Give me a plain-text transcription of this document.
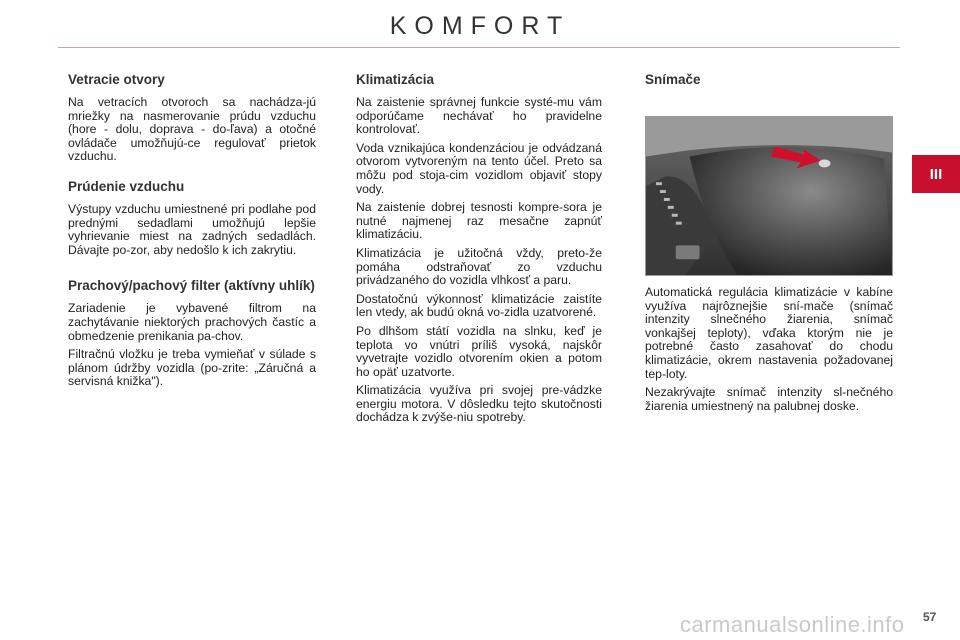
KOMFORT
III
Vetracie otvory

Na vetracích otvoroch sa nachádza-jú mriežky na nasmerovanie prúdu vzduchu (hore - dolu, doprava - do-ľava) a otočné ovládače umožňujú-ce regulovať prietok vzduchu.

Prúdenie vzduchu

Výstupy vzduchu umiestnené pri podlahe pod prednými sedadlami umožňujú lepšie vyhrievanie miest na zadných sedadlách. Dávajte po-zor, aby nedošlo k ich zakrytiu.

Prachový/pachový filter (aktívny uhlík)

Zariadenie je vybavené filtrom na zachytávanie niektorých prachových častíc a obmedzenie prenikania pa-chov.

Filtračnú vložku je treba vymieňať v súlade s plánom údržby vozidla (po-zrite: „Záručná a servisná knižka").

Klimatizácia

Na zaistenie správnej funkcie systé-mu vám odporúčame nechávať ho pravidelne kontrolovať.

Voda vznikajúca kondenzáciou je odvádzaná otvorom vytvoreným na tento účel. Preto sa môžu pod stoja-cim vozidlom objaviť stopy vody.

Na zaistenie dobrej tesnosti kompre-sora je nutné najmenej raz mesačne zapnúť klimatizáciu.

Klimatizácia je užitočná vždy, preto-že pomáha odstraňovať zo vzduchu privádzaného do vozidla vlhkosť a paru.

Dostatočnú výkonnosť klimatizácie zaistíte len vtedy, ak budú okná vo-zidla uzatvorené.

Po dlhšom státí vozidla na slnku, keď je teplota vo vnútri príliš vysoká, najskôr vyvetrajte vozidlo otvorením okien a potom ho opäť uzatvorte.

Klimatizácia využíva pri svojej pre-vádzke energiu motora. V dôsledku tejto skutočnosti dochádza k zvýše-niu spotreby.

Snímače

Automatická regulácia klimatizácie v kabíne využíva najrôznejšie sní-mače (snímač intenzity slnečného žiarenia, snímač vonkajšej teploty), vďaka ktorým nie je potrebné často zasahovať do chodu klimatizácie, okrem nastavenia požadovanej tep-loty.

Nezakrývajte snímač intenzity sl-nečného žiarenia umiestnený na palubnej doske.

carmanualsonline.info 57
